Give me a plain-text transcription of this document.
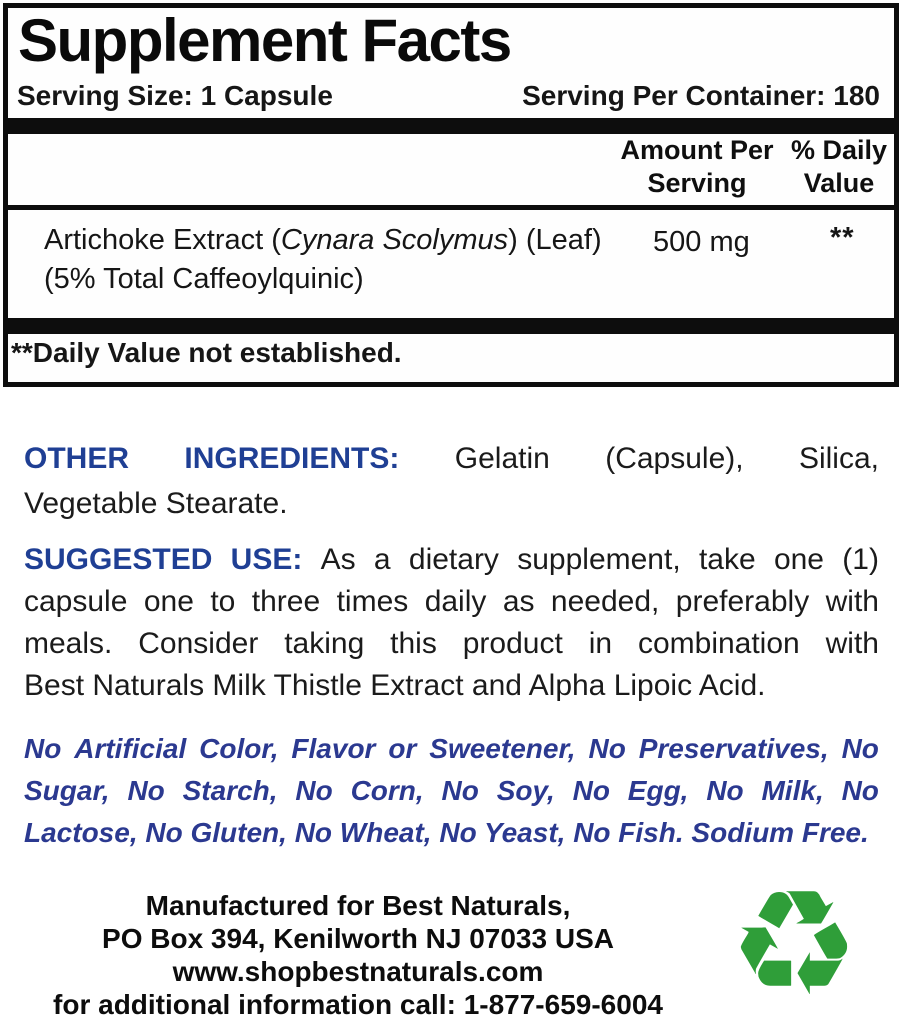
Supplement Facts
Serving Size: 1 Capsule	Serving Per Container: 180
Amount Per
Serving
% Daily
Value
Artichoke Extract (Cynara Scolymus) (Leaf)
(5% Total Caffeoylquinic)
500 mg	**
**Daily Value not established.
OTHER INGREDIENTS: Gelatin (Capsule), Silica,
Vegetable Stearate.
SUGGESTED USE: As a dietary supplement, take one (1)
capsule one to three times daily as needed, preferably with
meals. Consider taking this product in combination with
Best Naturals Milk Thistle Extract and Alpha Lipoic Acid.
No Artificial Color, Flavor or Sweetener, No Preservatives, No
Sugar, No Starch, No Corn, No Soy, No Egg, No Milk, No
Lactose, No Gluten, No Wheat, No Yeast, No Fish. Sodium Free.
Manufactured for Best Naturals,
PO Box 394, Kenilworth NJ 07033 USA
www.shopbestnaturals.com
for additional information call: 1-877-659-6004 ♻
